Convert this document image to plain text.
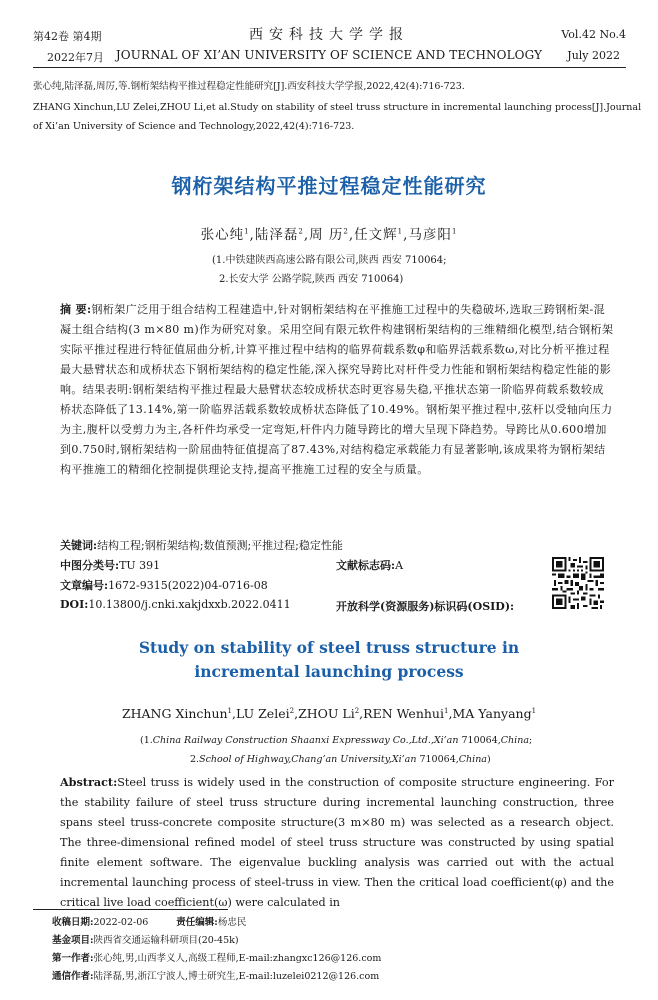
第42卷 第4期
2022年7月
西安科技大学学报
JOURNAL OF XI’AN UNIVERSITY OF SCIENCE AND TECHNOLOGY
Vol.42 No.4
July 2022
张心纯,陆泽磊,周厉,等.钢桁架结构平推过程稳定性能研究[J].西安科技大学学报,2022,42(4):716-723.
ZHANG Xinchun,LU Zelei,ZHOU Li,et al.Study on stability of steel truss structure in incremental launching process[J].Journal
of Xi’an University of Science and Technology,2022,42(4):716-723.
钢桁架结构平推过程稳定性能研究
张心纯$^1$,陆泽磊$^2$,周 历$^2$,任文辉$^1$,马彦阳$^1$
(1.中铁建陕西高速公路有限公司,陕西 西安 710064;
2.长安大学 公路学院,陕西 西安 710064)
摘 要:钢桁架广泛用于组合结构工程建造中,针对钢桁架结构在平推施工过程中的失稳破坏,选取三跨钢桁架-混凝土组合结构(3 m×80 m)作为研究对象。采用空间有限元软件构建钢桁架结构的三维精细化模型,结合钢桁架实际平推过程进行特征值屈曲分析,计算平推过程中结构的临界荷载系数φ和临界活载系数ω,对比分析平推过程最大悬臂状态和成桥状态下钢桁架结构的稳定性能,深入探究导跨比对杆件受力性能和钢桁架结构稳定性能的影响。结果表明:钢桁架结构平推过程最大悬臂状态较成桥状态时更容易失稳,平推状态第一阶临界荷载系数较成桥状态降低了13.14%,第一阶临界活载系数较成桥状态降低了10.49%。钢桁架平推过程中,弦杆以受轴向压力为主,腹杆以受剪力为主,各杆件均承受一定弯矩,杆件内力随导跨比的增大呈现下降趋势。导跨比从0.600增加到0.750时,钢桁架结构一阶屈曲特征值提高了87.43%,对结构稳定承载能力有显著影响,该成果将为钢桁架结构平推施工的精细化控制提供理论支持,提高平推施工过程的安全与质量。
关键词:结构工程;钢桁架结构;数值预测;平推过程;稳定性能
中图分类号:TU 391	文献标志码:A
文章编号:1672-9315(2022)04-0716-08
DOI:10.13800/j.cnki.xakjdxxb.2022.0411	开放科学(资源服务)标识码(OSID):
Study on stability of steel truss structure in
incremental launching process
ZHANG Xinchun$^1$,LU Zelei$^2$,ZHOU Li$^2$,REN Wenhui$^1$,MA Yanyang$^1$
(1.China Railway Construction Shaanxi Expressway Co.,Ltd.,Xi’an 710064,China;
2.School of Highway,Chang’an University,Xi’an 710064,China)
Abstract:Steel truss is widely used in the construction of composite structure engineering. For the stability failure of steel truss structure during incremental launching construction, three spans steel truss-concrete composite structure(3 m×80 m) was selected as a research object. The three-dimensional refined model of steel truss structure was constructed by using spatial finite element software. The eigenvalue buckling analysis was carried out with the actual incremental launching process of steel-truss in view. Then the critical load coefficient(φ) and the critical live load coefficient(ω) were calculated in
收稿日期:2022-02-06	责任编辑:杨忠民
基金项目:陕西省交通运输科研项目(20-45k)
第一作者:张心纯,男,山西孝义人,高级工程师,E-mail:zhangxc126@126.com
通信作者:陆泽磊,男,浙江宁波人,博士研究生,E-mail:luzelei0212@126.com
